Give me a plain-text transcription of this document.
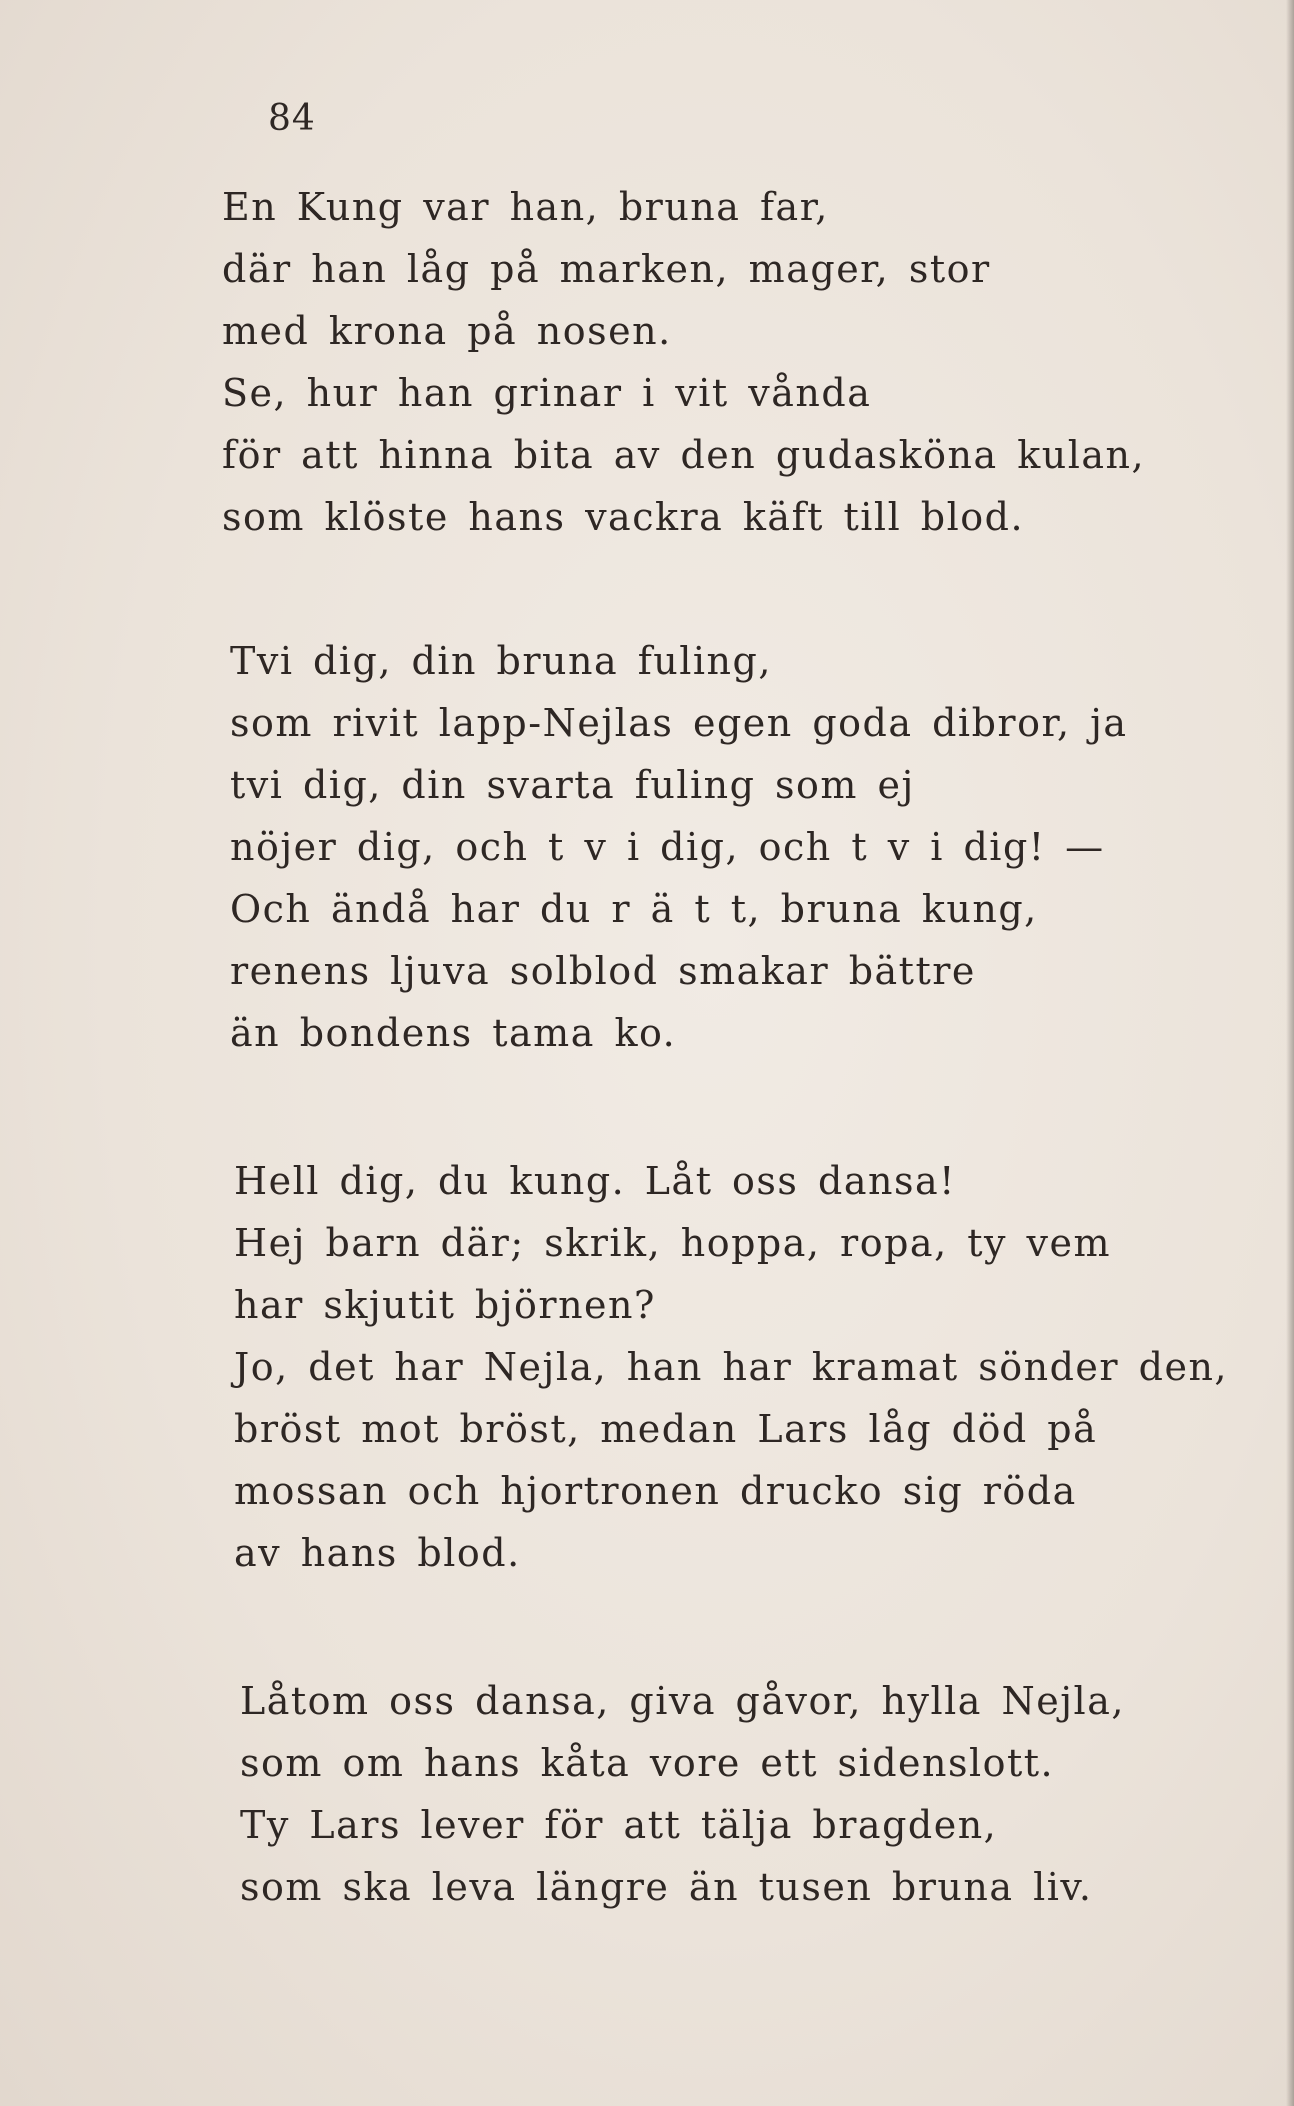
84
En Kung var han, bruna far,
där han låg på marken, mager, stor
med krona på nosen.
Se, hur han grinar i vit vånda
för att hinna bita av den gudasköna kulan,
som klöste hans vackra käft till blod.
Tvi dig, din bruna fuling,
som rivit lapp-Nejlas egen goda dibror, ja
tvi dig, din svarta fuling som ej
nöjer dig, och t v i dig, och t v i dig! —
Och ändå har du r ä t t, bruna kung,
renens ljuva solblod smakar bättre
än bondens tama ko.
Hell dig, du kung. Låt oss dansa!
Hej barn där; skrik, hoppa, ropa, ty vem
har skjutit björnen?
Jo, det har Nejla, han har kramat sönder den,
bröst mot bröst, medan Lars låg död på
mossan och hjortronen drucko sig röda
av hans blod.
Låtom oss dansa, giva gåvor, hylla Nejla,
som om hans kåta vore ett sidenslott.
Ty Lars lever för att tälja bragden,
som ska leva längre än tusen bruna liv.
